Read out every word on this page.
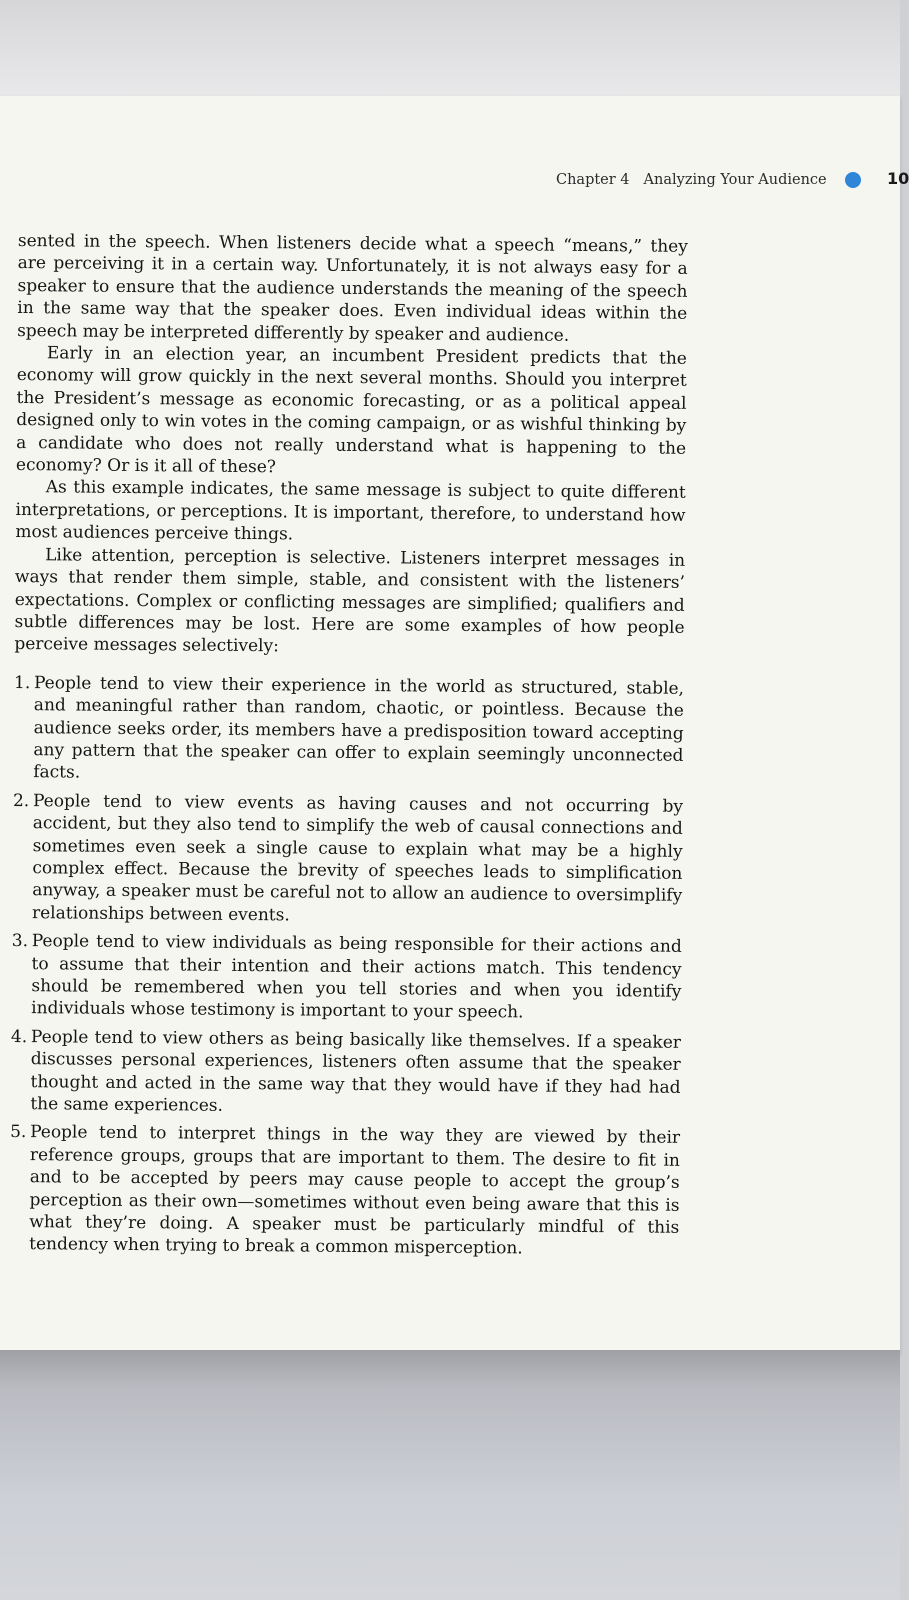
Chapter 4 Analyzing Your Audience	10

sented in the speech. When listeners decide what a speech “means,” they are perceiving it in a certain way. Unfortunately, it is not always easy for a speaker to ensure that the audience understands the meaning of the speech in the same way that the speaker does. Even individual ideas within the speech may be interpreted differently by speaker and audience.

Early in an election year, an incumbent President predicts that the economy will grow quickly in the next several months. Should you interpret the President’s message as economic forecasting, or as a political appeal designed only to win votes in the coming campaign, or as wishful thinking by a candidate who does not really understand what is happening to the economy? Or is it all of these?

As this example indicates, the same message is subject to quite different interpretations, or perceptions. It is important, therefore, to understand how most audiences perceive things.

Like attention, perception is selective. Listeners interpret messages in ways that render them simple, stable, and consistent with the listeners’ expectations. Complex or conflicting messages are simplified; qualifiers and subtle differences may be lost. Here are some examples of how people perceive messages selectively:

1. People tend to view their experience in the world as structured, stable, and meaningful rather than random, chaotic, or pointless. Because the audience seeks order, its members have a predisposition toward accepting any pattern that the speaker can offer to explain seemingly unconnected facts.
2. People tend to view events as having causes and not occurring by accident, but they also tend to simplify the web of causal connections and sometimes even seek a single cause to explain what may be a highly complex effect. Because the brevity of speeches leads to simplification anyway, a speaker must be careful not to allow an audience to oversimplify relationships between events.
3. People tend to view individuals as being responsible for their actions and to assume that their intention and their actions match. This tendency should be remembered when you tell stories and when you identify individuals whose testimony is important to your speech.
4. People tend to view others as being basically like themselves. If a speaker discusses personal experiences, listeners often assume that the speaker thought and acted in the same way that they would have if they had had the same experiences.
5. People tend to interpret things in the way they are viewed by their reference groups, groups that are important to them. The desire to fit in and to be accepted by peers may cause people to accept the group’s perception as their own—sometimes without even being aware that this is what they’re doing. A speaker must be particularly mindful of this tendency when trying to break a common misperception.
